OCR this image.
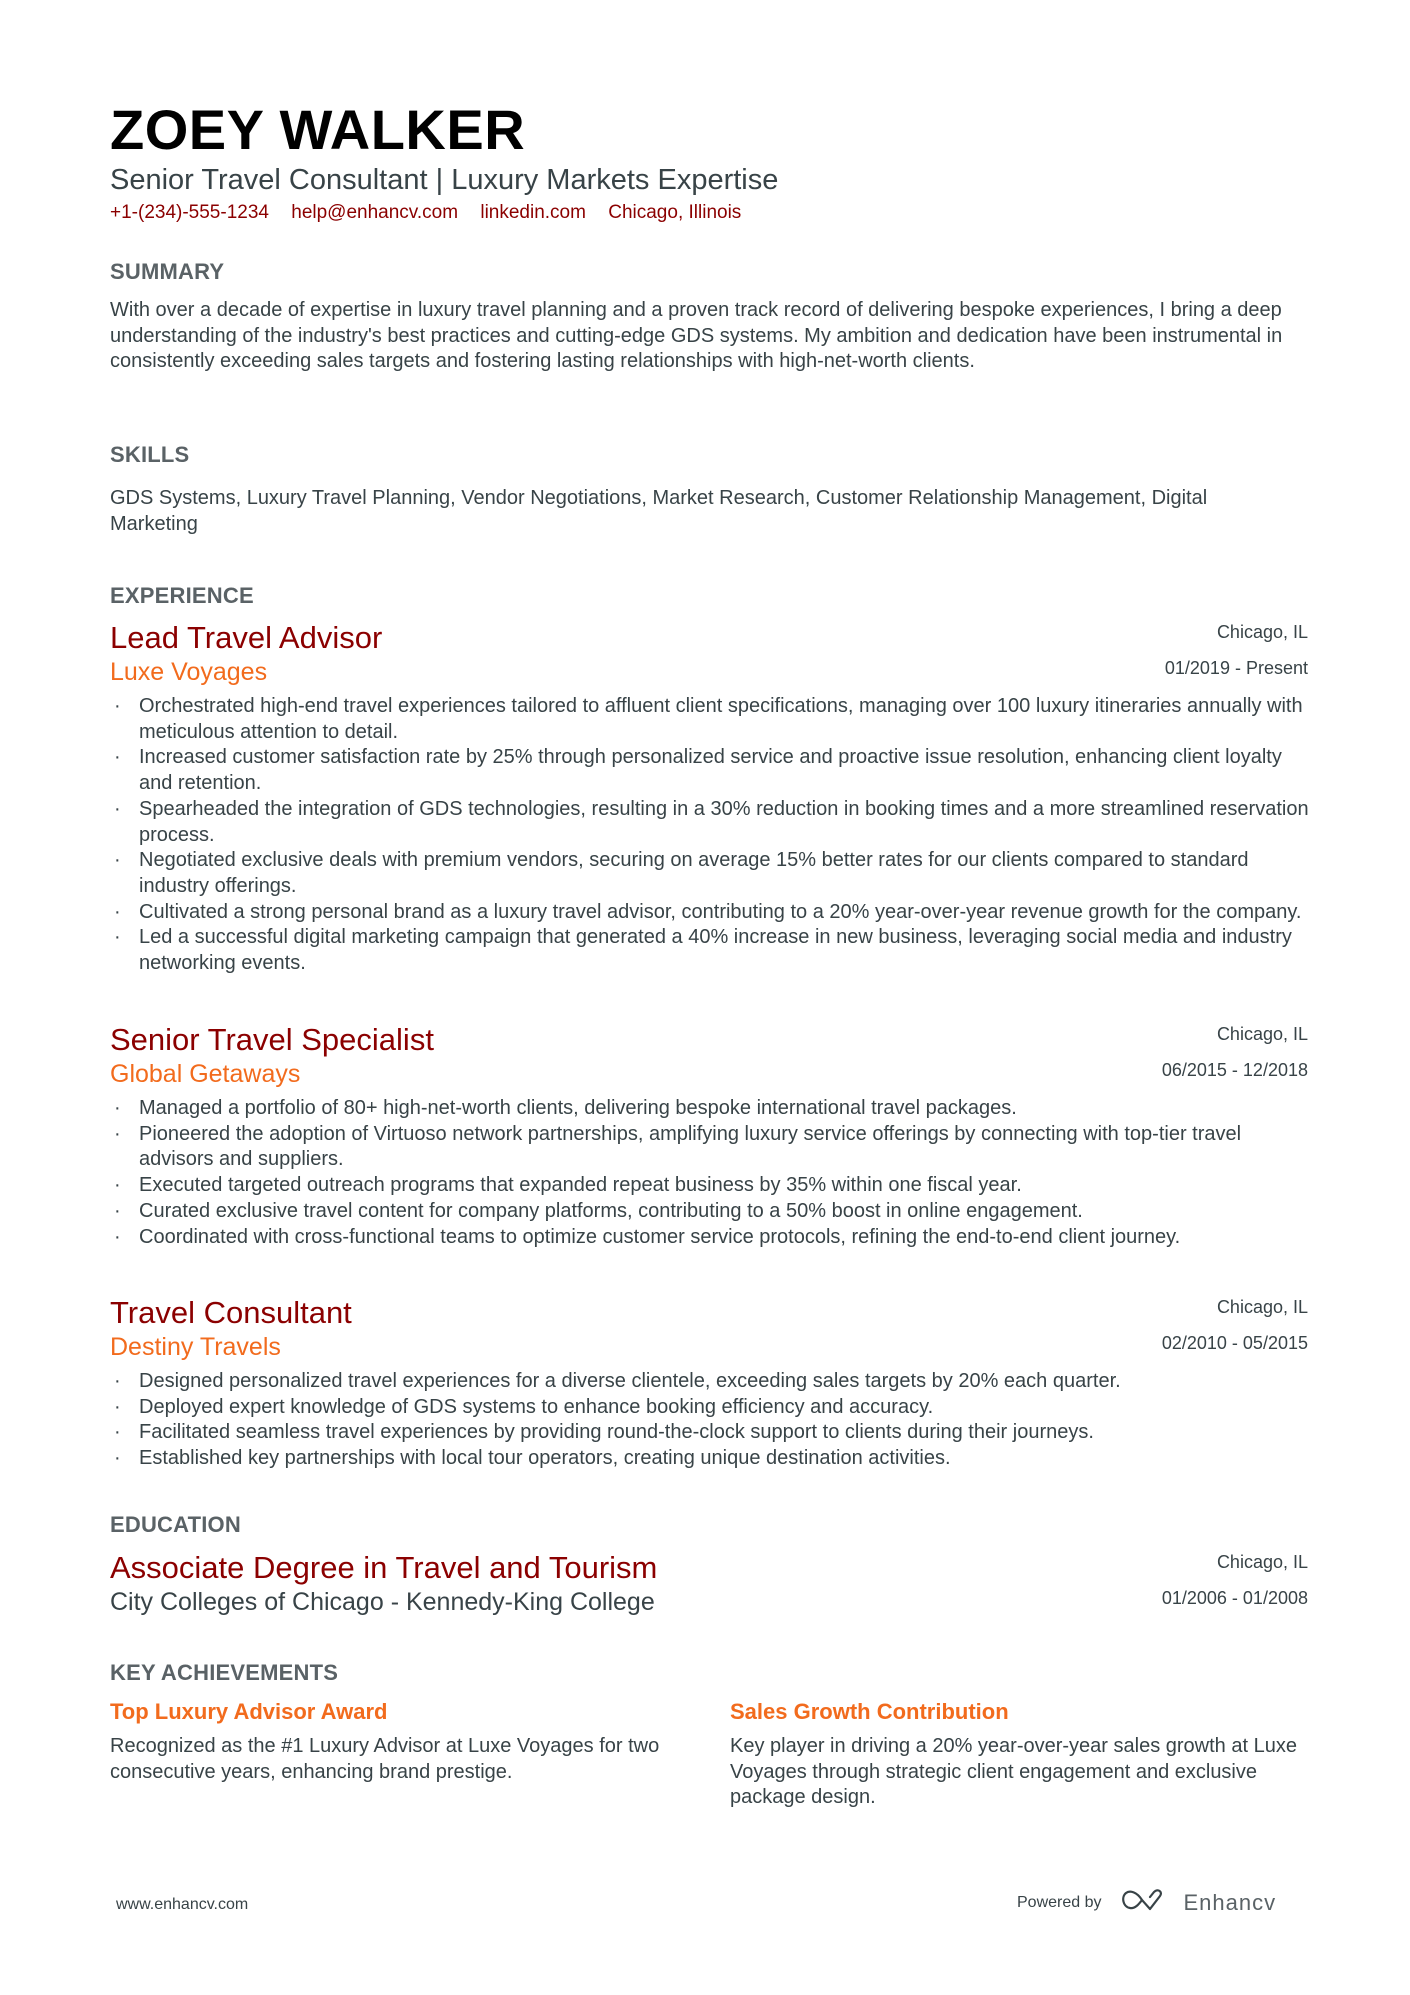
ZOEY WALKER
Senior Travel Consultant | Luxury Markets Expertise
+1-(234)-555-1234 help@enhancv.com linkedin.com Chicago, Illinois
SUMMARY
With over a decade of expertise in luxury travel planning and a proven track record of delivering bespoke experiences, I bring a deep understanding of the industry's best practices and cutting-edge GDS systems. My ambition and dedication have been instrumental in consistently exceeding sales targets and fostering lasting relationships with high-net-worth clients.
SKILLS
GDS Systems, Luxury Travel Planning, Vendor Negotiations, Market Research, Customer Relationship Management, Digital Marketing
EXPERIENCE
Lead Travel Advisor
Luxe Voyages
Chicago, IL
01/2019 - Present
· Orchestrated high-end travel experiences tailored to affluent client specifications, managing over 100 luxury itineraries annually with meticulous attention to detail.
· Increased customer satisfaction rate by 25% through personalized service and proactive issue resolution, enhancing client loyalty and retention.
· Spearheaded the integration of GDS technologies, resulting in a 30% reduction in booking times and a more streamlined reservation process.
· Negotiated exclusive deals with premium vendors, securing on average 15% better rates for our clients compared to standard industry offerings.
· Cultivated a strong personal brand as a luxury travel advisor, contributing to a 20% year-over-year revenue growth for the company.
· Led a successful digital marketing campaign that generated a 40% increase in new business, leveraging social media and industry networking events.
Senior Travel Specialist
Global Getaways
Chicago, IL
06/2015 - 12/2018
· Managed a portfolio of 80+ high-net-worth clients, delivering bespoke international travel packages.
· Pioneered the adoption of Virtuoso network partnerships, amplifying luxury service offerings by connecting with top-tier travel advisors and suppliers.
· Executed targeted outreach programs that expanded repeat business by 35% within one fiscal year.
· Curated exclusive travel content for company platforms, contributing to a 50% boost in online engagement.
· Coordinated with cross-functional teams to optimize customer service protocols, refining the end-to-end client journey.
Travel Consultant
Destiny Travels
Chicago, IL
02/2010 - 05/2015
· Designed personalized travel experiences for a diverse clientele, exceeding sales targets by 20% each quarter.
· Deployed expert knowledge of GDS systems to enhance booking efficiency and accuracy.
· Facilitated seamless travel experiences by providing round-the-clock support to clients during their journeys.
· Established key partnerships with local tour operators, creating unique destination activities.
EDUCATION
Associate Degree in Travel and Tourism
City Colleges of Chicago - Kennedy-King College
Chicago, IL
01/2006 - 01/2008
KEY ACHIEVEMENTS
Top Luxury Advisor Award
Recognized as the #1 Luxury Advisor at Luxe Voyages for two consecutive years, enhancing brand prestige.
Sales Growth Contribution
Key player in driving a 20% year-over-year sales growth at Luxe Voyages through strategic client engagement and exclusive package design.
www.enhancv.com	Powered by	Enhancv
